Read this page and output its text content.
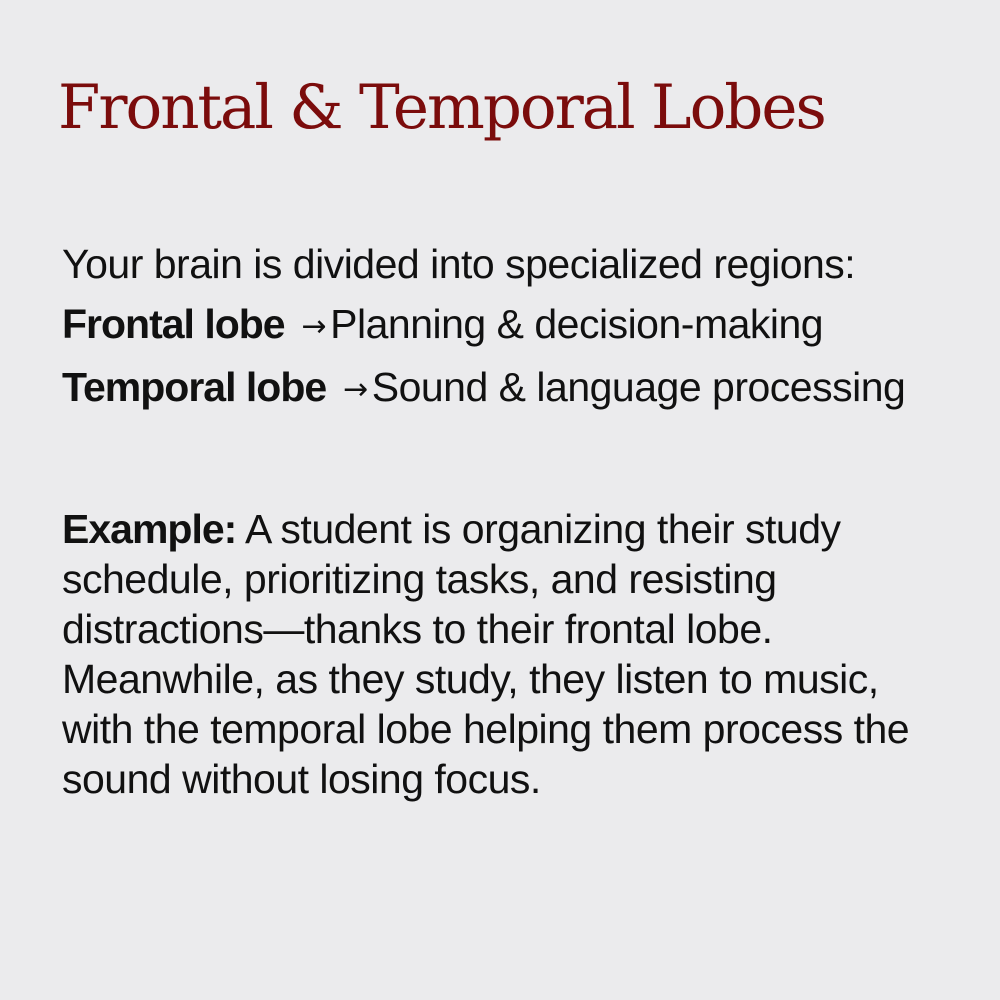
Frontal & Temporal Lobes
Your brain is divided into specialized regions:
Frontal lobe →Planning & decision-making
Temporal lobe →Sound & language processing

Example: A student is organizing their study schedule, prioritizing tasks, and resisting distractions—thanks to their frontal lobe. Meanwhile, as they study, they listen to music, with the temporal lobe helping them process the sound without losing focus.
